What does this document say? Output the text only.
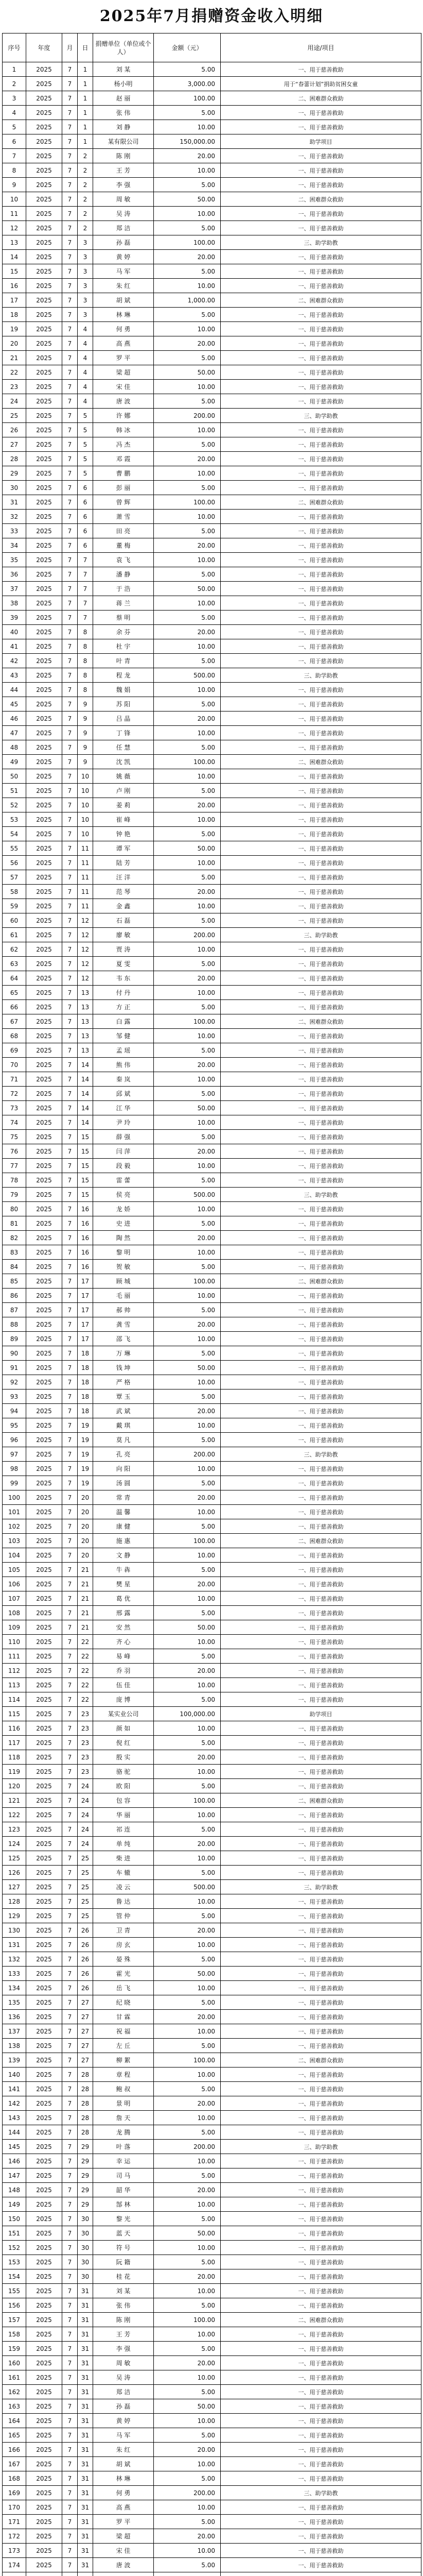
2025年7月捐赠资金收入明细
序号	年度	月	日	捐赠单位（单位或个人）	金额（元）	用途/项目
1	2025	7	1	刘 某	5.00	一、用于慈善救助
2	2025	7	1	杨小明	3,000.00	用于“春蕾计划”捐助贫困女童
3	2025	7	1	赵 丽	100.00	二、困难群众救助
4	2025	7	1	张 伟	5.00	一、用于慈善救助
5	2025	7	1	刘 静	10.00	一、用于慈善救助
6	2025	7	1	某有限公司	150,000.00	助学项目
7	2025	7	2	陈 刚	20.00	一、用于慈善救助
8	2025	7	2	王 芳	10.00	一、用于慈善救助
9	2025	7	2	李 强	5.00	一、用于慈善救助
10	2025	7	2	周 敏	50.00	二、困难群众救助
11	2025	7	2	吴 涛	10.00	一、用于慈善救助
12	2025	7	2	郑 洁	5.00	一、用于慈善救助
13	2025	7	3	孙 磊	100.00	三、助学助教
14	2025	7	3	黄 婷	20.00	一、用于慈善救助
15	2025	7	3	马 军	5.00	一、用于慈善救助
16	2025	7	3	朱 红	10.00	一、用于慈善救助
17	2025	7	3	胡 斌	1,000.00	二、困难群众救助
18	2025	7	3	林 琳	5.00	一、用于慈善救助
19	2025	7	4	何 勇	10.00	一、用于慈善救助
20	2025	7	4	高 燕	20.00	一、用于慈善救助
21	2025	7	4	罗 平	5.00	一、用于慈善救助
22	2025	7	4	梁 超	50.00	一、用于慈善救助
23	2025	7	4	宋 佳	10.00	一、用于慈善救助
24	2025	7	4	唐 波	5.00	一、用于慈善救助
25	2025	7	5	许 娜	200.00	三、助学助教
26	2025	7	5	韩 冰	10.00	一、用于慈善救助
27	2025	7	5	冯 杰	5.00	一、用于慈善救助
28	2025	7	5	邓 霞	20.00	一、用于慈善救助
29	2025	7	5	曹 鹏	10.00	一、用于慈善救助
30	2025	7	6	彭 丽	5.00	一、用于慈善救助
31	2025	7	6	曾 辉	100.00	二、困难群众救助
32	2025	7	6	萧 雪	10.00	一、用于慈善救助
33	2025	7	6	田 亮	5.00	一、用于慈善救助
34	2025	7	6	董 梅	20.00	一、用于慈善救助
35	2025	7	7	袁 飞	10.00	一、用于慈善救助
36	2025	7	7	潘 静	5.00	一、用于慈善救助
37	2025	7	7	于 浩	50.00	一、用于慈善救助
38	2025	7	7	蒋 兰	10.00	一、用于慈善救助
39	2025	7	7	蔡 明	5.00	一、用于慈善救助
40	2025	7	8	余 芬	20.00	一、用于慈善救助
41	2025	7	8	杜 宇	10.00	一、用于慈善救助
42	2025	7	8	叶 青	5.00	一、用于慈善救助
43	2025	7	8	程 龙	500.00	三、助学助教
44	2025	7	8	魏 娟	10.00	一、用于慈善救助
45	2025	7	9	苏 阳	5.00	一、用于慈善救助
46	2025	7	9	吕 晶	20.00	一、用于慈善救助
47	2025	7	9	丁 锋	10.00	一、用于慈善救助
48	2025	7	9	任 慧	5.00	一、用于慈善救助
49	2025	7	9	沈 凯	100.00	二、困难群众救助
50	2025	7	10	姚 薇	10.00	一、用于慈善救助
51	2025	7	10	卢 刚	5.00	一、用于慈善救助
52	2025	7	10	姜 莉	20.00	一、用于慈善救助
53	2025	7	10	崔 峰	10.00	一、用于慈善救助
54	2025	7	10	钟 艳	5.00	一、用于慈善救助
55	2025	7	11	谭 军	50.00	一、用于慈善救助
56	2025	7	11	陆 芳	10.00	一、用于慈善救助
57	2025	7	11	汪 洋	5.00	一、用于慈善救助
58	2025	7	11	范 琴	20.00	一、用于慈善救助
59	2025	7	11	金 鑫	10.00	一、用于慈善救助
60	2025	7	12	石 磊	5.00	一、用于慈善救助
61	2025	7	12	廖 敏	200.00	三、助学助教
62	2025	7	12	贾 涛	10.00	一、用于慈善救助
63	2025	7	12	夏 雯	5.00	一、用于慈善救助
64	2025	7	12	韦 东	20.00	一、用于慈善救助
65	2025	7	13	付 丹	10.00	一、用于慈善救助
66	2025	7	13	方 正	5.00	一、用于慈善救助
67	2025	7	13	白 露	100.00	二、困难群众救助
68	2025	7	13	邹 健	10.00	一、用于慈善救助
69	2025	7	13	孟 瑶	5.00	一、用于慈善救助
70	2025	7	14	熊 伟	20.00	一、用于慈善救助
71	2025	7	14	秦 岚	10.00	一、用于慈善救助
72	2025	7	14	邱 斌	5.00	一、用于慈善救助
73	2025	7	14	江 华	50.00	一、用于慈善救助
74	2025	7	14	尹 玲	10.00	一、用于慈善救助
75	2025	7	15	薛 强	5.00	一、用于慈善救助
76	2025	7	15	闫 萍	20.00	一、用于慈善救助
77	2025	7	15	段 毅	10.00	一、用于慈善救助
78	2025	7	15	雷 蕾	5.00	一、用于慈善救助
79	2025	7	15	侯 亮	500.00	三、助学助教
80	2025	7	16	龙 娇	10.00	一、用于慈善救助
81	2025	7	16	史 进	5.00	一、用于慈善救助
82	2025	7	16	陶 然	20.00	一、用于慈善救助
83	2025	7	16	黎 明	10.00	一、用于慈善救助
84	2025	7	16	贺 敏	5.00	一、用于慈善救助
85	2025	7	17	顾 城	100.00	二、困难群众救助
86	2025	7	17	毛 丽	10.00	一、用于慈善救助
87	2025	7	17	郝 帅	5.00	一、用于慈善救助
88	2025	7	17	龚 雪	20.00	一、用于慈善救助
89	2025	7	17	邵 飞	10.00	一、用于慈善救助
90	2025	7	18	万 琳	5.00	一、用于慈善救助
91	2025	7	18	钱 坤	50.00	一、用于慈善救助
92	2025	7	18	严 格	10.00	一、用于慈善救助
93	2025	7	18	覃 玉	5.00	一、用于慈善救助
94	2025	7	18	武 斌	20.00	一、用于慈善救助
95	2025	7	19	戴 琪	10.00	一、用于慈善救助
96	2025	7	19	莫 凡	5.00	一、用于慈善救助
97	2025	7	19	孔 亮	200.00	三、助学助教
98	2025	7	19	向 阳	10.00	一、用于慈善救助
99	2025	7	19	汤 圆	5.00	一、用于慈善救助
100	2025	7	20	常 青	20.00	一、用于慈善救助
101	2025	7	20	温 馨	10.00	一、用于慈善救助
102	2025	7	20	康 健	5.00	一、用于慈善救助
103	2025	7	20	施 惠	100.00	二、困难群众救助
104	2025	7	20	文 静	10.00	一、用于慈善救助
105	2025	7	21	牛 犇	5.00	一、用于慈善救助
106	2025	7	21	樊 星	20.00	一、用于慈善救助
107	2025	7	21	葛 优	10.00	一、用于慈善救助
108	2025	7	21	邢 露	5.00	一、用于慈善救助
109	2025	7	21	安 然	50.00	一、用于慈善救助
110	2025	7	22	齐 心	10.00	一、用于慈善救助
111	2025	7	22	易 峰	5.00	一、用于慈善救助
112	2025	7	22	乔 羽	20.00	一、用于慈善救助
113	2025	7	22	伍 佳	10.00	一、用于慈善救助
114	2025	7	22	庞 博	5.00	一、用于慈善救助
115	2025	7	23	某实业公司	100,000.00	助学项目
116	2025	7	23	颜 如	10.00	一、用于慈善救助
117	2025	7	23	倪 红	5.00	一、用于慈善救助
118	2025	7	23	殷 实	20.00	一、用于慈善救助
119	2025	7	23	骆 驼	10.00	一、用于慈善救助
120	2025	7	24	欧 阳	5.00	一、用于慈善救助
121	2025	7	24	包 容	100.00	二、困难群众救助
122	2025	7	24	华 丽	10.00	一、用于慈善救助
123	2025	7	24	祁 连	5.00	一、用于慈善救助
124	2025	7	24	单 纯	20.00	一、用于慈善救助
125	2025	7	25	柴 进	10.00	一、用于慈善救助
126	2025	7	25	车 辙	5.00	一、用于慈善救助
127	2025	7	25	凌 云	500.00	三、助学助教
128	2025	7	25	鲁 达	10.00	一、用于慈善救助
129	2025	7	25	管 仲	5.00	一、用于慈善救助
130	2025	7	26	卫 青	20.00	一、用于慈善救助
131	2025	7	26	房 玄	10.00	一、用于慈善救助
132	2025	7	26	晏 殊	5.00	一、用于慈善救助
133	2025	7	26	霍 光	50.00	一、用于慈善救助
134	2025	7	26	岳 飞	10.00	一、用于慈善救助
135	2025	7	27	纪 晓	5.00	一、用于慈善救助
136	2025	7	27	甘 霖	20.00	一、用于慈善救助
137	2025	7	27	祝 福	10.00	一、用于慈善救助
138	2025	7	27	左 丘	5.00	一、用于慈善救助
139	2025	7	27	柳 絮	100.00	二、困难群众救助
140	2025	7	28	章 程	10.00	一、用于慈善救助
141	2025	7	28	鲍 叔	5.00	一、用于慈善救助
142	2025	7	28	景 明	20.00	一、用于慈善救助
143	2025	7	28	詹 天	10.00	一、用于慈善救助
144	2025	7	28	龙 腾	5.00	一、用于慈善救助
145	2025	7	29	叶 落	200.00	三、助学助教
146	2025	7	29	幸 运	10.00	一、用于慈善救助
147	2025	7	29	司 马	5.00	一、用于慈善救助
148	2025	7	29	韶 华	20.00	一、用于慈善救助
149	2025	7	29	郜 林	10.00	一、用于慈善救助
150	2025	7	30	黎 光	5.00	一、用于慈善救助
151	2025	7	30	蓝 天	50.00	一、用于慈善救助
152	2025	7	30	符 号	10.00	一、用于慈善救助
153	2025	7	30	阮 籍	5.00	一、用于慈善救助
154	2025	7	30	桂 花	20.00	一、用于慈善救助
155	2025	7	31	刘 某	10.00	一、用于慈善救助
156	2025	7	31	张 伟	5.00	一、用于慈善救助
157	2025	7	31	陈 刚	100.00	二、困难群众救助
158	2025	7	31	王 芳	10.00	一、用于慈善救助
159	2025	7	31	李 强	5.00	一、用于慈善救助
160	2025	7	31	周 敏	20.00	一、用于慈善救助
161	2025	7	31	吴 涛	10.00	一、用于慈善救助
162	2025	7	31	郑 洁	5.00	一、用于慈善救助
163	2025	7	31	孙 磊	50.00	一、用于慈善救助
164	2025	7	31	黄 婷	10.00	一、用于慈善救助
165	2025	7	31	马 军	5.00	一、用于慈善救助
166	2025	7	31	朱 红	20.00	一、用于慈善救助
167	2025	7	31	胡 斌	10.00	一、用于慈善救助
168	2025	7	31	林 琳	5.00	一、用于慈善救助
169	2025	7	31	何 勇	200.00	三、助学助教
170	2025	7	31	高 燕	10.00	一、用于慈善救助
171	2025	7	31	罗 平	5.00	一、用于慈善救助
172	2025	7	31	梁 超	20.00	一、用于慈善救助
173	2025	7	31	宋 佳	10.00	一、用于慈善救助
174	2025	7	31	唐 波	5.00	一、用于慈善救助
